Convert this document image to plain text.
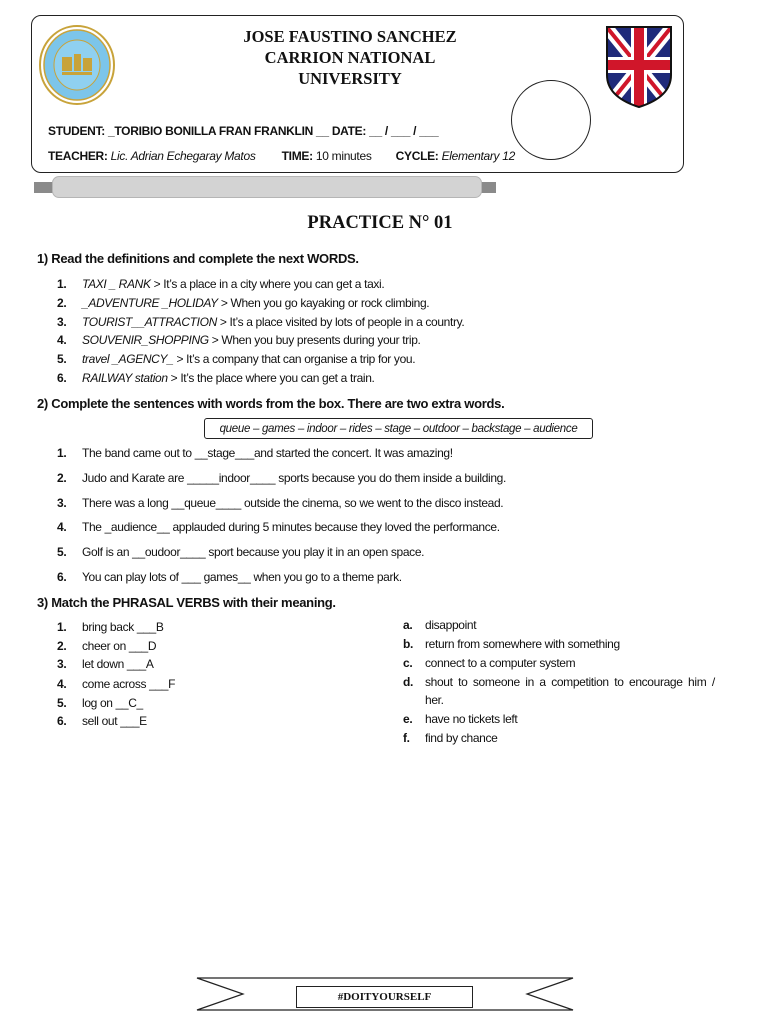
JOSE FAUSTINO SANCHEZ
CARRION NATIONAL
UNIVERSITY
STUDENT: _TORIBIO BONILLA FRAN FRANKLIN __ DATE: __ / ___ / ___
TEACHER: Lic. Adrian Echegaray Matos TIME: 10 minutes CYCLE: Elementary 12
PRACTICE N° 01
1) Read the definitions and complete the next WORDS.
1. TAXI _ RANK > It’s a place in a city where you can get a taxi.
2. _ADVENTURE _HOLIDAY > When you go kayaking or rock climbing.
3. TOURIST__ATTRACTION > It’s a place visited by lots of people in a country.
4. SOUVENIR_SHOPPING > When you buy presents during your trip.
5. travel _AGENCY_ > It’s a company that can organise a trip for you.
6. RAILWAY station > It’s the place where you can get a train.
2) Complete the sentences with words from the box. There are two extra words.
queue – games – indoor – rides – stage – outdoor – backstage – audience
1. The band came out to __stage___and started the concert. It was amazing!
2. Judo and Karate are _____indoor____ sports because you do them inside a building.
3. There was a long __queue____ outside the cinema, so we went to the disco instead.
4. The _audience__ applauded during 5 minutes because they loved the performance.
5. Golf is an __oudoor____ sport because you play it in an open space.
6. You can play lots of ___ games__ when you go to a theme park.
3) Match the PHRASAL VERBS with their meaning.
1. bring back ___B
2. cheer on ___D
3. let down ___A
4. come across ___F
5. log on __C_
6. sell out ___E
a. disappoint
b. return from somewhere with something
c. connect to a computer system
d. shout to someone in a competition to encourage him /
her.
e. have no tickets left
f. find by chance
#DOITYOURSELF
